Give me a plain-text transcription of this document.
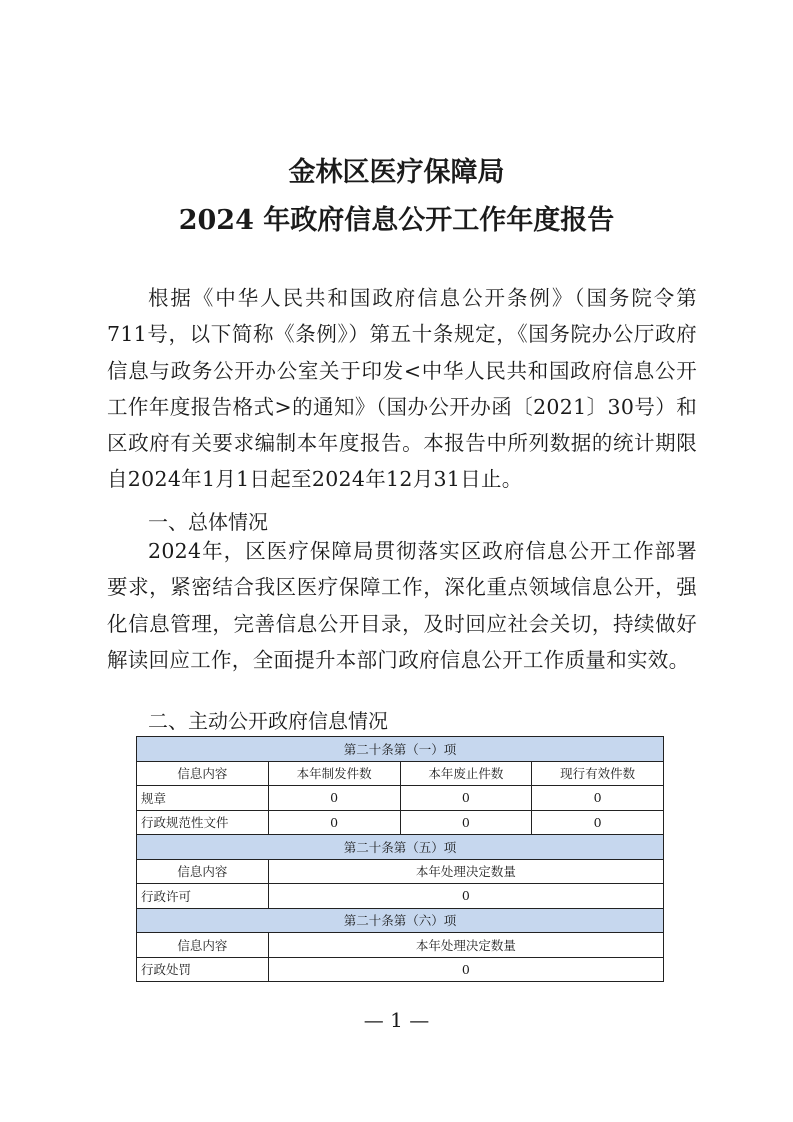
金林区医疗保障局
2024 年政府信息公开工作年度报告

根据《中华人民共和国政府信息公开条例》（国务院令第711号，以下简称《条例》）第五十条规定，《国务院办公厅政府信息与政务公开办公室关于印发<中华人民共和国政府信息公开工作年度报告格式>的通知》（国办公开办函〔2021〕30号）和区政府有关要求编制本年度报告。本报告中所列数据的统计期限自2024年1月1日起至2024年12月31日止。

一、总体情况

2024年，区医疗保障局贯彻落实区政府信息公开工作部署要求，紧密结合我区医疗保障工作，深化重点领域信息公开，强化信息管理，完善信息公开目录，及时回应社会关切，持续做好解读回应工作，全面提升本部门政府信息公开工作质量和实效。

二、主动公开政府信息情况
第二十条第（一）项			
信息内容	本年制发件数	本年废止件数	现行有效件数
规章	0	0	0
行政规范性文件	0	0	0
第二十条第（五）项			
信息内容	本年处理决定数量		
行政许可	0		
第二十条第（六）项			
信息内容	本年处理决定数量		
行政处罚	0		
— 1 —
